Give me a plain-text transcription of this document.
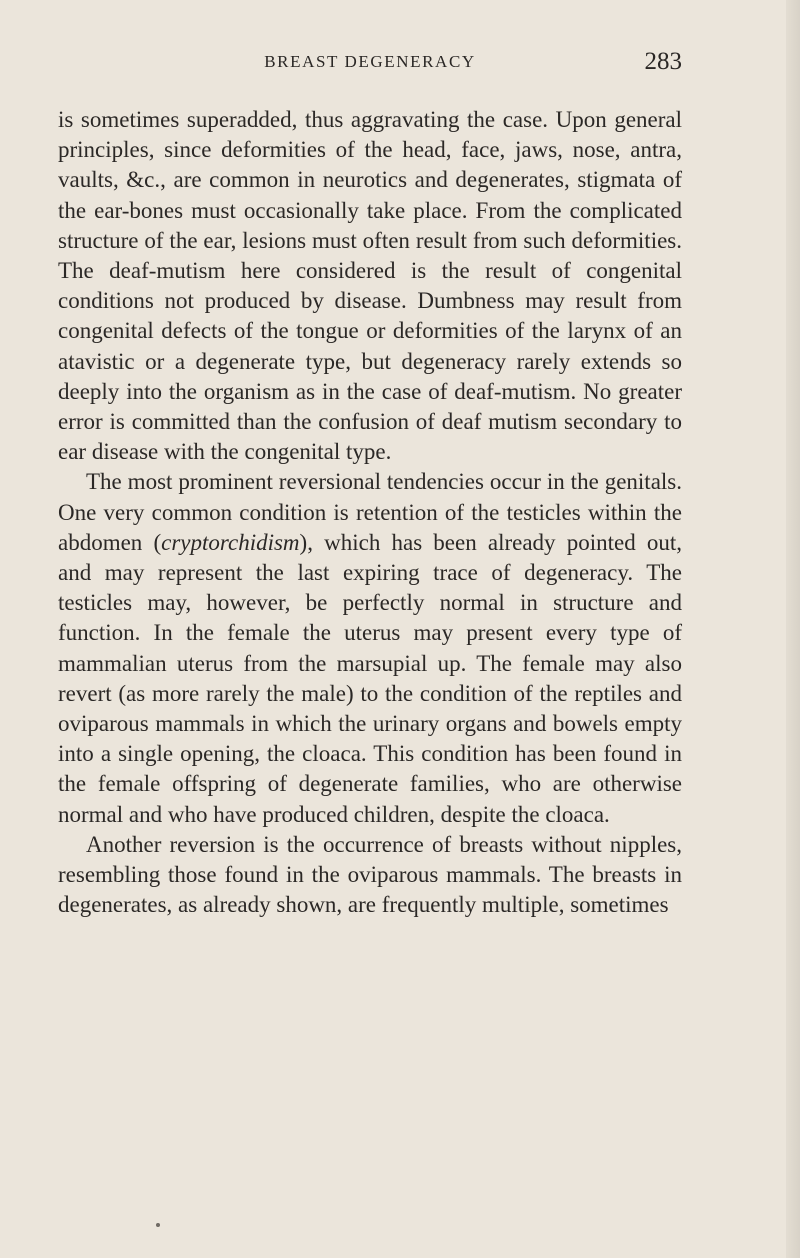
BREAST DEGENERACY	283

is sometimes superadded, thus aggravating the case. Upon general principles, since deformities of the head, face, jaws, nose, antra, vaults, &c., are common in neurotics and degenerates, stigmata of the ear-bones must occasionally take place. From the complicated structure of the ear, lesions must often result from such deformities. The deaf-mutism here considered is the result of congenital conditions not produced by disease. Dumbness may result from congenital defects of the tongue or deformities of the larynx of an atavistic or a degenerate type, but degeneracy rarely extends so deeply into the organism as in the case of deaf-mutism. No greater error is committed than the confusion of deaf mutism secondary to ear disease with the congenital type.

The most prominent reversional tendencies occur in the genitals. One very common condition is retention of the testicles within the abdomen (cryptorchidism), which has been already pointed out, and may represent the last expiring trace of degeneracy. The testicles may, however, be perfectly normal in structure and function. In the female the uterus may present every type of mammalian uterus from the marsupial up. The female may also revert (as more rarely the male) to the condition of the reptiles and oviparous mammals in which the urinary organs and bowels empty into a single opening, the cloaca. This condition has been found in the female offspring of degenerate families, who are otherwise normal and who have produced children, despite the cloaca.

Another reversion is the occurrence of breasts without nipples, resembling those found in the oviparous mammals. The breasts in degenerates, as already shown, are frequently multiple, sometimes
